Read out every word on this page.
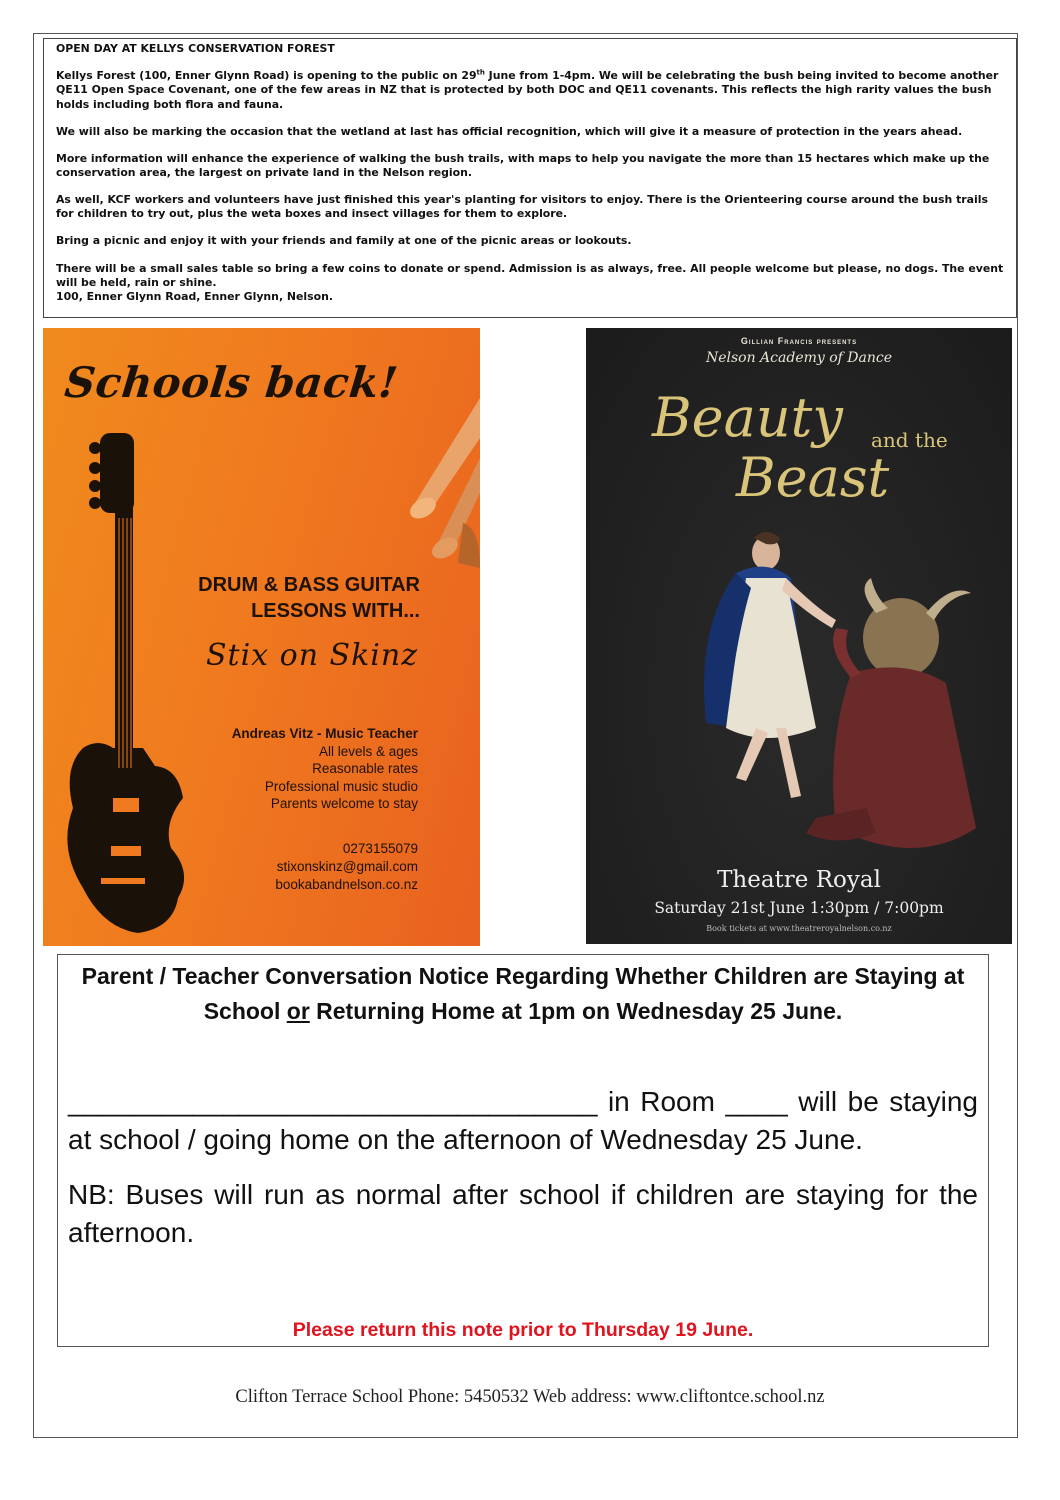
OPEN DAY AT KELLYS CONSERVATION FOREST

Kellys Forest (100, Enner Glynn Road) is opening to the public on 29th June from 1-4pm. We will be celebrating the bush being invited to become another QE11 Open Space Covenant, one of the few areas in NZ that is protected by both DOC and QE11 covenants. This reflects the high rarity values the bush holds including both flora and fauna.

We will also be marking the occasion that the wetland at last has official recognition, which will give it a measure of protection in the years ahead.

More information will enhance the experience of walking the bush trails, with maps to help you navigate the more than 15 hectares which make up the conservation area, the largest on private land in the Nelson region.

As well, KCF workers and volunteers have just finished this year's planting for visitors to enjoy. There is the Orienteering course around the bush trails for children to try out, plus the weta boxes and insect villages for them to explore.

Bring a picnic and enjoy it with your friends and family at one of the picnic areas or lookouts.

There will be a small sales table so bring a few coins to donate or spend. Admission is as always, free. All people welcome but please, no dogs. The event will be held, rain or shine.

100, Enner Glynn Road, Enner Glynn, Nelson.

Schools back!
DRUM & BASS GUITAR
LESSONS WITH...
Stix on Skinz
Andreas Vitz - Music Teacher
All levels & ages
Reasonable rates
Professional music studio
Parents welcome to stay
0273155079
stixonskinz@gmail.com
bookabandnelson.co.nz
Gillian Francis presents
Nelson Academy of Dance
Beauty and the
Beast
Theatre Royal
Saturday 21st June 1:30pm / 7:00pm
Book tickets at www.theatreroyalnelson.co.nz
Parent / Teacher Conversation Notice Regarding Whether Children are Staying at School or Returning Home at 1pm on Wednesday 25 June.

__________________________________ in Room ____ will be staying at school / going home on the afternoon of Wednesday 25 June.

NB: Buses will run as normal after school if children are staying for the afternoon.

Please return this note prior to Thursday 19 June.
Clifton Terrace School Phone: 5450532 Web address: www.cliftontce.school.nz
